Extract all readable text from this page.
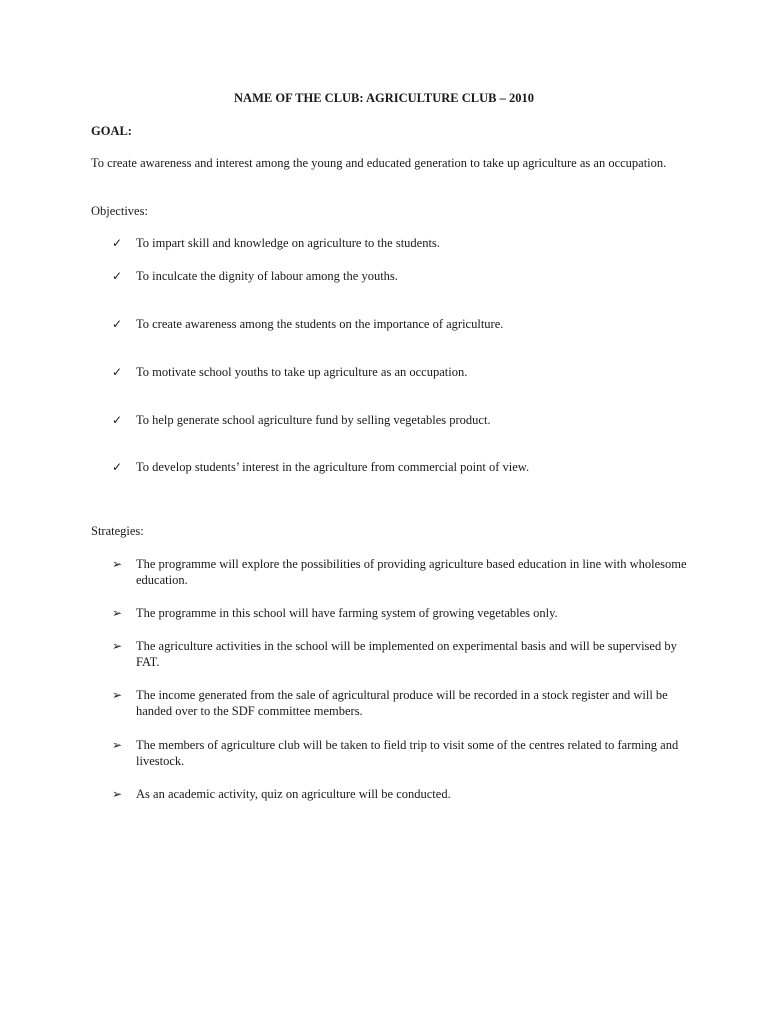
NAME OF THE CLUB: AGRICULTURE CLUB – 2010
GOAL:
To create awareness and interest among the young and educated generation to take up agriculture as an occupation.
Objectives:
✓	To impart skill and knowledge on agriculture to the students.
✓	To inculcate the dignity of labour among the youths.
✓	To create awareness among the students on the importance of agriculture.
✓	To motivate school youths to take up agriculture as an occupation.
✓	To help generate school agriculture fund by selling vegetables product.
✓	To develop students’ interest in the agriculture from commercial point of view.
Strategies:
➢	The programme will explore the possibilities of providing agriculture based education in line with wholesome education.
➢	The programme in this school will have farming system of growing vegetables only.
➢	The agriculture activities in the school will be implemented on experimental basis and will be supervised by FAT.
➢	The income generated from the sale of agricultural produce will be recorded in a stock register and will be handed over to the SDF committee members.
➢	The members of agriculture club will be taken to field trip to visit some of the centres related to farming and livestock.
➢	As an academic activity, quiz on agriculture will be conducted.
